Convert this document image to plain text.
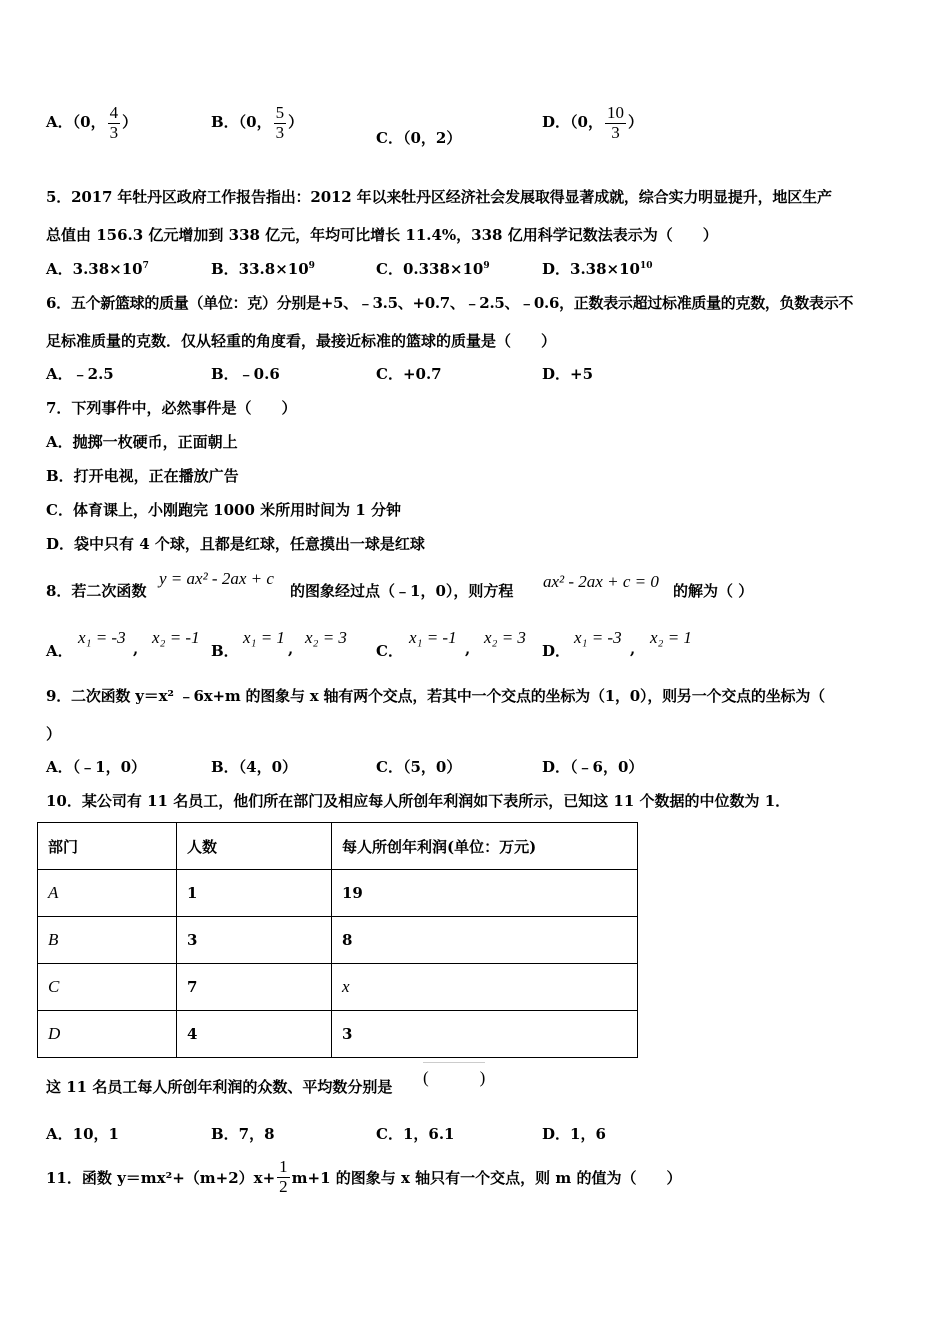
A．（0， $\frac{4}{3}$ ）	B．（0， $\frac{5}{3}$ ）
C．（0，2）
D．（0， $\frac{10}{3}$ ）
5．2017 年牡丹区政府工作报告指出：2012 年以来牡丹区经济社会发展取得显著成就，综合实力明显提升，地区生产
总值由 156.3 亿元增加到 338 亿元，年均可比增长 11.4%，338 亿用科学记数法表示为（　　）
A．$3.38\times 10^7$	B．$33.8\times 10^9$	C．$0.338\times 10^9$	D．$3.38\times 10^{10}$
6．五个新篮球的质量（单位：克）分别是+5、﹣3.5、+0.7、﹣2.5、﹣0.6，正数表示超过标准质量的克数，负数表示不
足标准质量的克数．仅从轻重的角度看，最接近标准的篮球的质量是（　　）
A．﹣2.5	B．﹣0.6	C．+0.7	D．+5
7．下列事件中，必然事件是（　　）
A．抛掷一枚硬币，正面朝上
B．打开电视，正在播放广告
C．体育课上，小刚跑完 1000 米所用时间为 1 分钟
D．袋中只有 4 个球，且都是红球，任意摸出一球是红球
8．若二次函数
y = ax² - 2ax + c
的图象经过点（﹣1，0），则方程 ax² - 2ax + c = 0 的解为（ ）
A．
x₁ = -3
,
x₂ = -1
B．
x₁ = 1
,
x₂ = 3
C．
x₁ = -1
,
x₂ = 3
D．
x₁ = -3
,
x₂ = 1
9．二次函数 y＝x² ﹣6x+m 的图象与 x 轴有两个交点，若其中一个交点的坐标为（1，0），则另一个交点的坐标为（
）
A．（﹣1，0）	B．（4，0）	C．（5，0）	D．（﹣6，0）
10．某公司有 11 名员工，他们所在部门及相应每人所创年利润如下表所示，已知这 11 个数据的中位数为 1．
部门	人数	每人所创年利润(单位：万元)
A	1	19
B	3	8
C	7	x
D	4	3
这 11 名员工每人所创年利润的众数、平均数分别是 (　　　)
A．10，1	B．7，8	C．1，6.1	D．1，6
11．函数 $y=mx^2+(m+2)x+ \frac{1}{2} m+1$ 的图象与 x 轴只有一个交点，则 m 的值为（　　）
